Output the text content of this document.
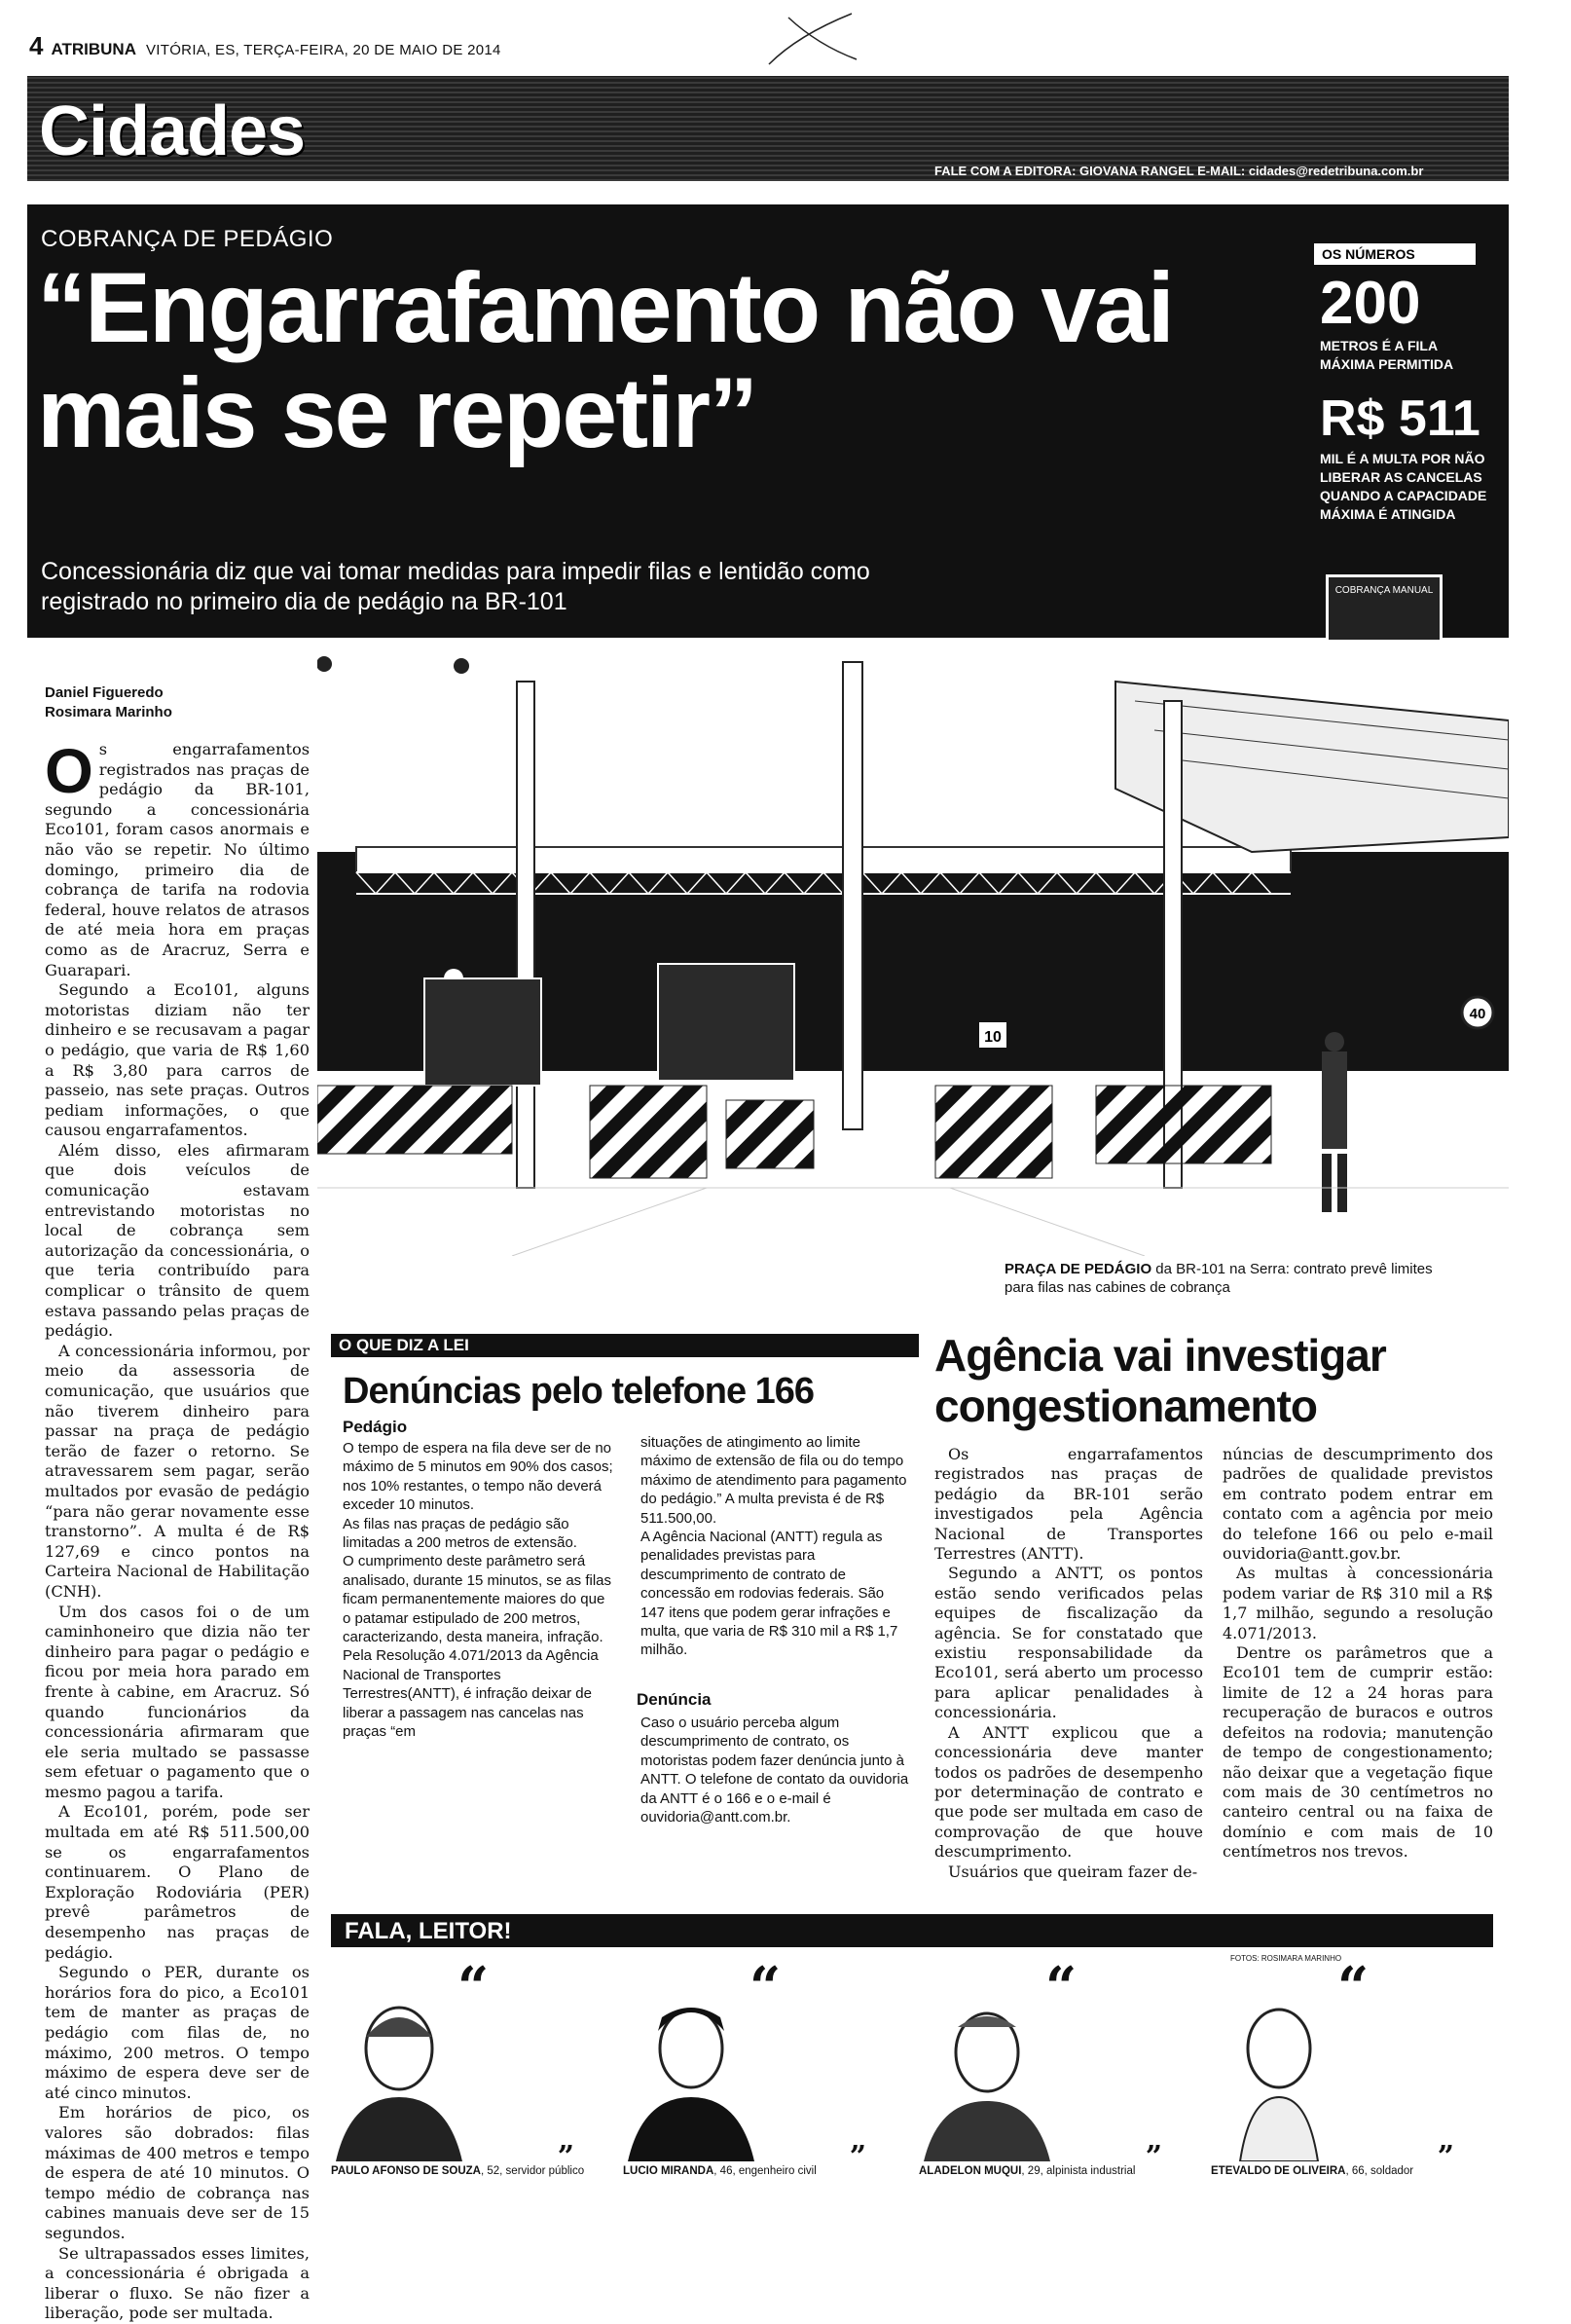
4 ATRIBUNA VITÓRIA, ES, TERÇA-FEIRA, 20 DE MAIO DE 2014
Cidades
FALE COM A EDITORA: GIOVANA RANGEL E-MAIL: cidades@redetribuna.com.br
COBRANÇA DE PEDÁGIO
“Engarrafamento não vai mais se repetir”
Concessionária diz que vai tomar medidas para impedir filas e lentidão como registrado no primeiro dia de pedágio na BR-101
OS NÚMEROS
200
METROS É A FILA MÁXIMA PERMITIDA
R$ 511
MIL É A MULTA POR NÃO LIBERAR AS CANCELAS QUANDO A CAPACIDADE MÁXIMA É ATINGIDA
10
40
COBRANÇA MANUAL
PRAÇA DE PEDÁGIO da BR-101 na Serra: contrato prevê limites para filas nas cabines de cobrança
Daniel Figueredo
Rosimara Marinho

Os engarrafamentos registrados nas praças de pedágio da BR-101, segundo a concessionária Eco101, foram casos anormais e não vão se repetir. No último domingo, primeiro dia de cobrança de tarifa na rodovia federal, houve relatos de atrasos de até meia hora em praças como as de Aracruz, Serra e Guarapari.

Segundo a Eco101, alguns motoristas diziam não ter dinheiro e se recusavam a pagar o pedágio, que varia de R$ 1,60 a R$ 3,80 para carros de passeio, nas sete praças. Outros pediam informações, o que causou engarrafamentos.

Além disso, eles afirmaram que dois veículos de comunicação estavam entrevistando motoristas no local de cobrança sem autorização da concessionária, o que teria contribuído para complicar o trânsito de quem estava passando pelas praças de pedágio.

A concessionária informou, por meio da assessoria de comunicação, que usuários que não tiverem dinheiro para passar na praça de pedágio terão de fazer o retorno. Se atravessarem sem pagar, serão multados por evasão de pedágio “para não gerar novamente esse transtorno”. A multa é de R$ 127,69 e cinco pontos na Carteira Nacional de Habilitação (CNH).

Um dos casos foi o de um caminhoneiro que dizia não ter dinheiro para pagar o pedágio e ficou por meia hora parado em frente à cabine, em Aracruz. Só quando funcionários da concessionária afirmaram que ele seria multado se passasse sem efetuar o pagamento que o mesmo pagou a tarifa.

A Eco101, porém, pode ser multada em até R$ 511.500,00 se os engarrafamentos continuarem. O Plano de Exploração Rodoviária (PER) prevê parâmetros de desempenho nas praças de pedágio.

Segundo o PER, durante os horários fora do pico, a Eco101 tem de manter as praças de pedágio com filas de, no máximo, 200 metros. O tempo máximo de espera deve ser de até cinco minutos.

Em horários de pico, os valores são dobrados: filas máximas de 400 metros e tempo de espera de até 10 minutos. O tempo médio de cobrança nas cabines manuais deve ser de 15 segundos.

Se ultrapassados esses limites, a concessionária é obrigada a liberar o fluxo. Se não fizer a liberação, pode ser multada.

O QUE DIZ A LEI
Denúncias pelo telefone 166
Pedágio

O tempo de espera na fila deve ser de no máximo de 5 minutos em 90% dos casos; nos 10% restantes, o tempo não deverá exceder 10 minutos.

As filas nas praças de pedágio são limitadas a 200 metros de extensão.

O cumprimento deste parâmetro será analisado, durante 15 minutos, se as filas ficam permanentemente maiores do que o patamar estipulado de 200 metros, caracterizando, desta maneira, infração.

Pela Resolução 4.071/2013 da Agência Nacional de Transportes Terrestres(ANTT), é infração deixar de liberar a passagem nas cancelas nas praças “em

situações de atingimento ao limite máximo de extensão de fila ou do tempo máximo de atendimento para pagamento do pedágio.” A multa prevista é de R$ 511.500,00.

A Agência Nacional (ANTT) regula as penalidades previstas para descumprimento de contrato de concessão em rodovias federais. São 147 itens que podem gerar infrações e multa, que varia de R$ 310 mil a R$ 1,7 milhão.

Denúncia

Caso o usuário perceba algum descumprimento de contrato, os motoristas podem fazer denúncia junto à ANTT. O telefone de contato da ouvidoria da ANTT é o 166 e o e-mail é ouvidoria@antt.com.br.

Agência vai investigar congestionamento

Os engarrafamentos registrados nas praças de pedágio da BR-101 serão investigados pela Agência Nacional de Transportes Terrestres (ANTT).

Segundo a ANTT, os pontos estão sendo verificados pelas equipes de fiscalização da agência. Se for constatado que existiu responsabilidade da Eco101, será aberto um processo para aplicar penalidades à concessionária.

A ANTT explicou que a concessionária deve manter todos os padrões de desempenho por determinação de contrato e que pode ser multada em caso de comprovação de que houve descumprimento.

Usuários que queiram fazer de-

núncias de descumprimento dos padrões de qualidade previstos em contrato podem entrar em contato com a agência por meio do telefone 166 ou pelo e-mail ouvidoria@antt.gov.br.

As multas à concessionária podem variar de R$ 310 mil a R$ 1,7 milhão, segundo a resolução 4.071/2013.

Dentre os parâmetros que a Eco101 tem de cumprir estão: limite de 12 a 24 horas para recuperação de buracos e outros defeitos na rodovia; manutenção de tempo de congestionamento; não deixar que a vegetação fique com mais de 30 centímetros no canteiro central ou na faixa de domínio e com mais de 10 centímetros nos trevos.

FALA, LEITOR!
FOTOS: ROSIMARA MARINHO
“
”
PAULO AFONSO DE SOUZA, 52, servidor público
“
”
LUCIO MIRANDA, 46, engenheiro civil
“
”
ALADELON MUQUI, 29, alpinista industrial
“
”
ETEVALDO DE OLIVEIRA, 66, soldador
